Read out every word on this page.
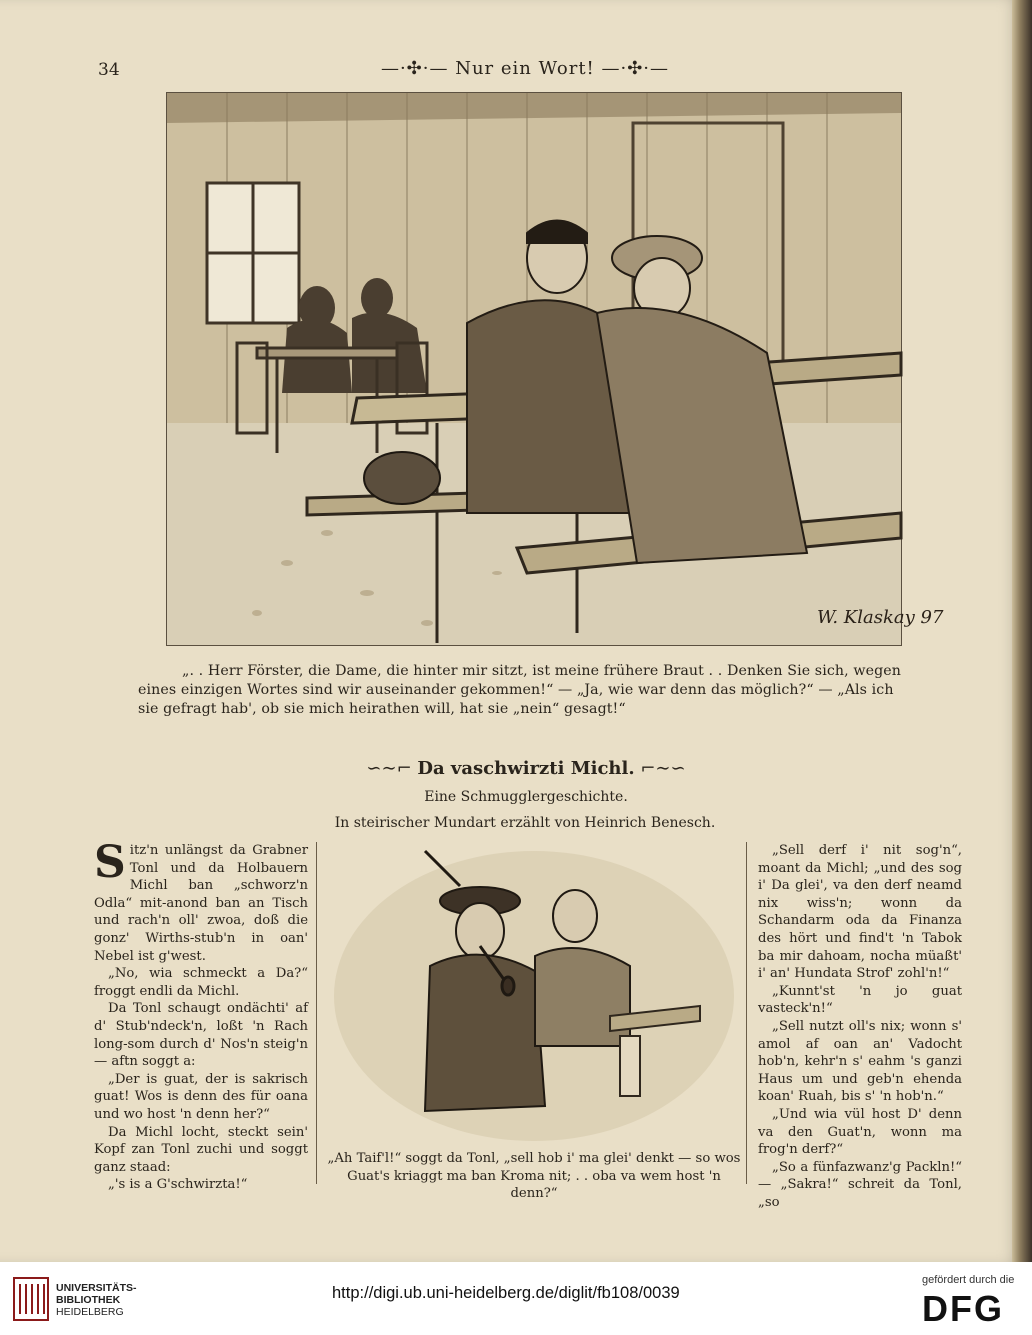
34	—·✣·— Nur ein Wort! —·✣·—
W. Klaskay 97
„. . Herr Förster, die Dame, die hinter mir sitzt, ist meine frühere Braut . . Denken Sie sich, wegen
eines einzigen Wortes sind wir auseinander gekommen!“ — „Ja, wie war denn das möglich?“ — „Als ich
sie gefragt hab', ob sie mich heirathen will, hat sie „nein“ gesagt!“
∽∼⌐ Da vaschwirzti Michl. ⌐∼∽
Eine Schmugglergeschichte.
In steirischer Mundart erzählt von Heinrich Benesch.

Sitz'n unlängst da Grabner Tonl und da Holbauern Michl ban „schworz'n Odla“ mit-anond ban an Tisch und rach'n oll' zwoa, doß die gonz' Wirths-stub'n in oan' Nebel ist g'west.

„No, wia schmeckt a Da?“ froggt endli da Michl.

Da Tonl schaugt ondächti' af d' Stub'ndeck'n, loßt 'n Rach long-som durch d' Nos'n steig'n — aftn soggt a:

„Der is guat, der is sakrisch guat! Wos is denn des für oana und wo host 'n denn her?“

Da Michl locht, steckt sein' Kopf zan Tonl zuchi und soggt ganz staad:

„'s is a G'schwirzta!“

„Ah Taif'l!“ soggt da Tonl, „sell hob i' ma glei' denkt — so wos
Guat's kriaggt ma ban Kroma nit; . . oba va wem host 'n denn?“

„Sell derf i' nit sog'n“, moant da Michl; „und des sog i' Da glei', va den derf neamd nix wiss'n; wonn da Schandarm oda da Finanza des hört und find't 'n Tabok ba mir dahoam, nocha müaßt' i' an' Hundata Strof' zohl'n!“

„Kunnt'st 'n jo guat vasteck'n!“

„Sell nutzt oll's nix; wonn s' amol af oan an' Vadocht hob'n, kehr'n s' eahm 's ganzi Haus um und geb'n ehenda koan' Ruah, bis s' 'n hob'n.“

„Und wia vül host D' denn va den Guat'n, wonn ma frog'n derf?“

„So a fünfazwanz'g Packln!“ — „Sakra!“ schreit da Tonl, „so

UNIVERSITÄTS-
BIBLIOTHEK
HEIDELBERG
http://digi.ub.uni-heidelberg.de/diglit/fb108/0039
gefördert durch die
DFG
